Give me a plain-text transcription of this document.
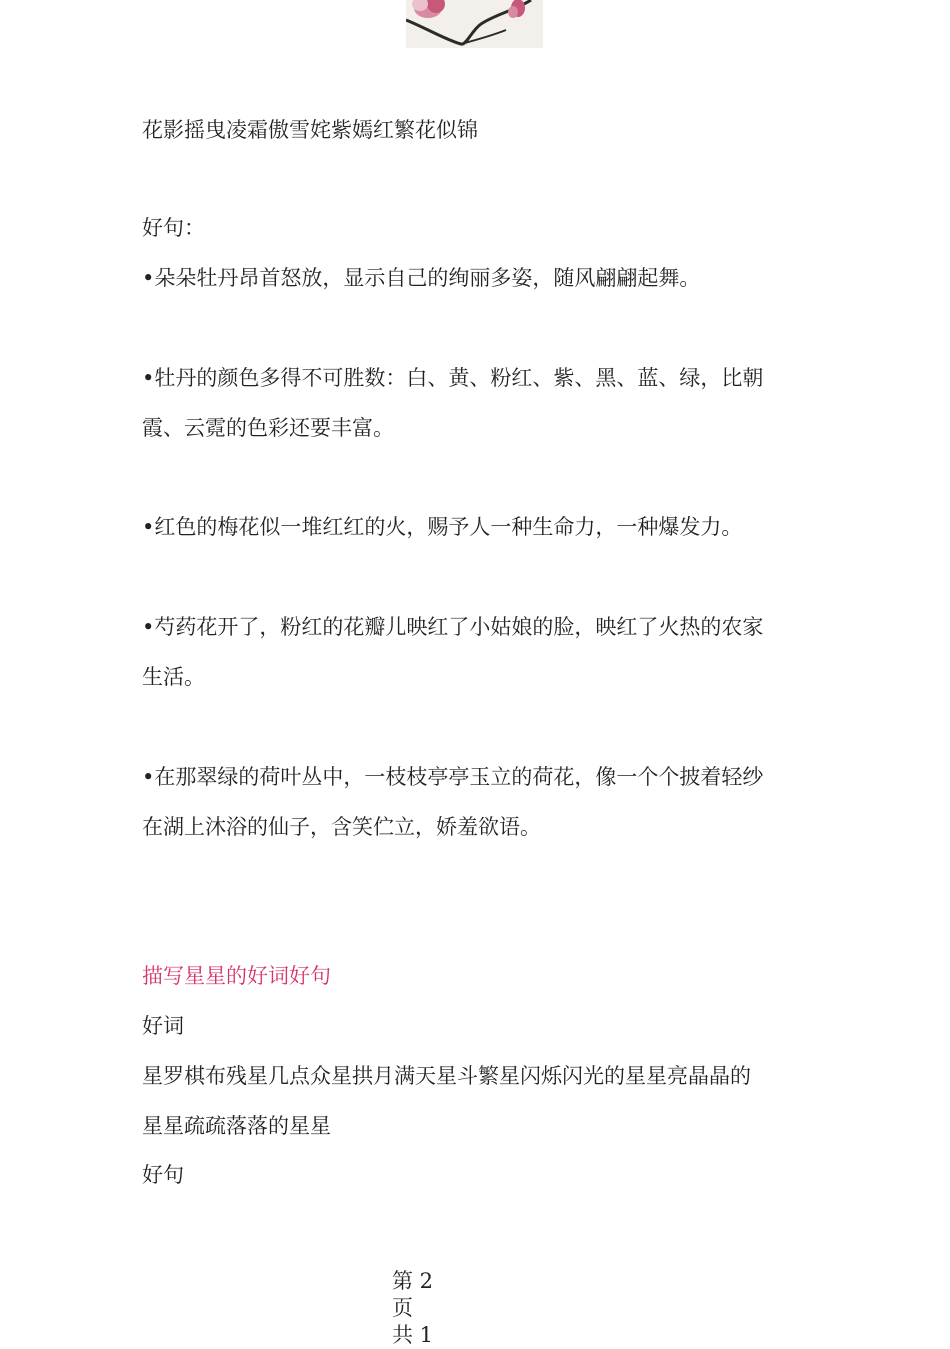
花影摇曳凌霜傲雪姹紫嫣红繁花似锦
好句：
•朵朵牡丹昂首怒放，显示自己的绚丽多姿，随风翩翩起舞。
•牡丹的颜色多得不可胜数：白、黄、粉红、紫、黑、蓝、绿，比朝
霞、云霓的色彩还要丰富。
•红色的梅花似一堆红红的火，赐予人一种生命力，一种爆发力。
•芍药花开了，粉红的花瓣儿映红了小姑娘的脸，映红了火热的农家
生活。
•在那翠绿的荷叶丛中，一枝枝亭亭玉立的荷花，像一个个披着轻纱
在湖上沐浴的仙子，含笑伫立，娇羞欲语。
描写星星的好词好句
好词
星罗棋布残星几点众星拱月满天星斗繁星闪烁闪光的星星亮晶晶的
星星疏疏落落的星星
好句
第 2
页
共 1
